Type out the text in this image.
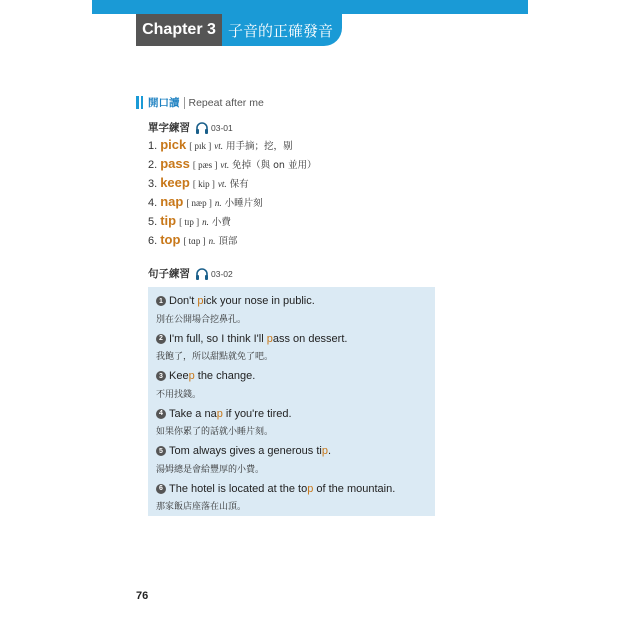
Chapter 3 子音的正確發音
開口讀 Repeat after me
單字練習 03-01
1. pick [ pɪk ] vt. 用手摘；挖，剔
2. pass [ pæs ] vt. 免掉（與 on 並用）
3. keep [ kip ] vt. 保有
4. nap [ næp ] n. 小睡片刻
5. tip [ tɪp ] n. 小費
6. top [ tɑp ] n. 頂部
句子練習 03-02
1 Don't p ick your nose in public.
別在公開場合挖鼻孔。
2 I'm full, so I think I'll p ass on dessert.
我飽了，所以甜點就免了吧。
3 Kee p the change.
不用找錢。
4 Take a na p if you're tired.
如果你累了的話就小睡片刻。
5 Tom always gives a generous ti p .
湯姆總是會給豐厚的小費。
6 The hotel is located at the to p of the mountain.
那家飯店座落在山頂。
76
